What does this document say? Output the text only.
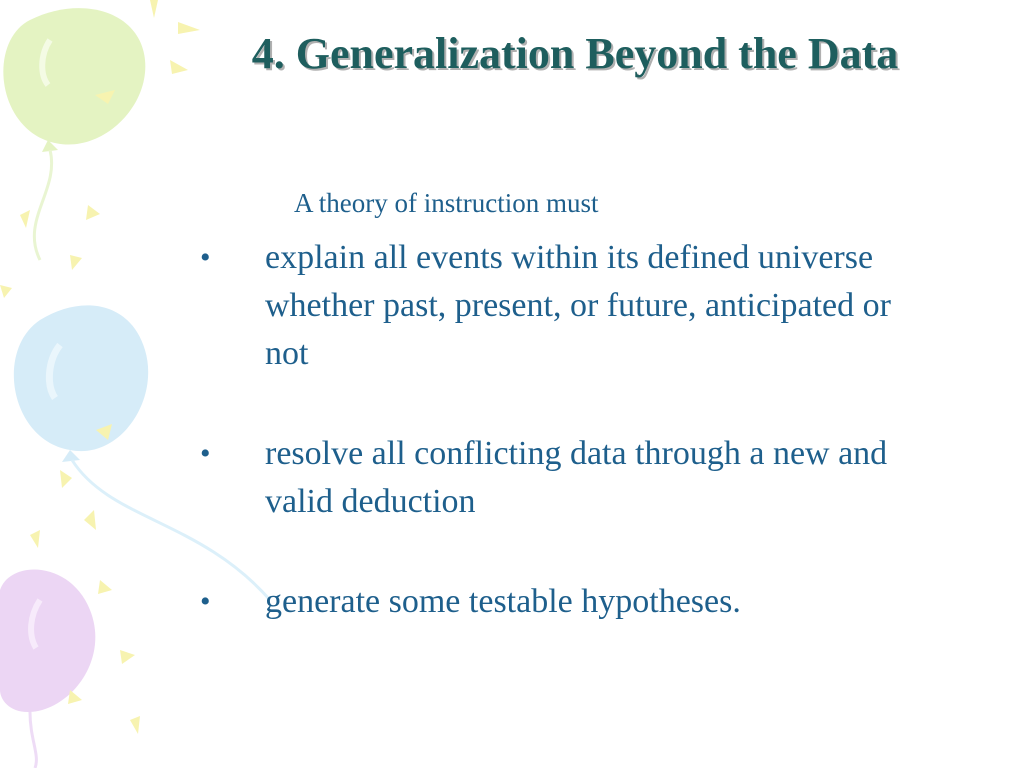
4. Generalization Beyond the Data

A theory of instruction must

•	explain all events within its defined universe whether past, present, or future, anticipated or not
•	resolve all conflicting data through a new and valid deduction
•	generate some testable hypotheses.
